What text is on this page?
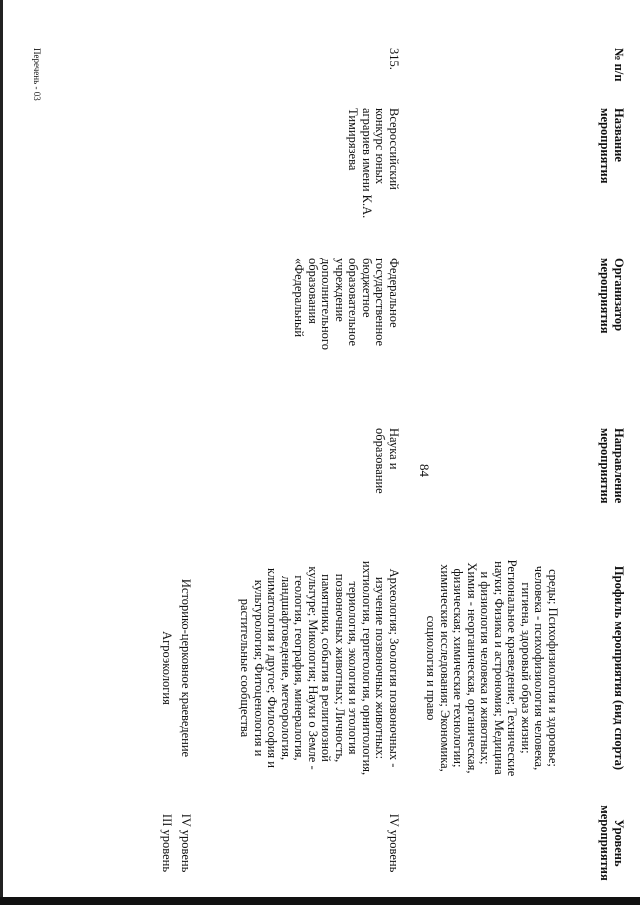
84
№ п/п
Название мероприятия
Организатор мероприятия
Направление мероприятия
Профиль мероприятия (вид спорта)
Уровень мероприятия
315.
Всероссийский конкурс юных аграриев имени К.А. Тимирязева
Федеральное государственное бюджетное образовательное учреждение дополнительного образования «Федеральный
Наука и образование
среды; Психофизиология и здоровье; человека - психофизиология человека, гигиена, здоровый образ жизни; Региональное краеведение; Технические науки; Физика и астрономия; Медицина и физиология человека и животных; Химия - неорганическая, органическая, физическая; химические технологии; химические исследования; Экономика, социология и право
Археология; Зоология позвоночных - изучение позвоночных животных: ихтиология, герпетология, орнитология, териология, экология и этология позвоночных животных; Личность, памятники, события в религиозной культуре; Микология; Науки о Земле - геология, география, минералогия, ландшафтоведение, метеорология, климатология и другое; Философия и культурология; Фитоценология и растительные сообщества
IV уровень
Историко-церковное краеведение
IV уровень
Агроэкология
III уровень
Перечень - 03
